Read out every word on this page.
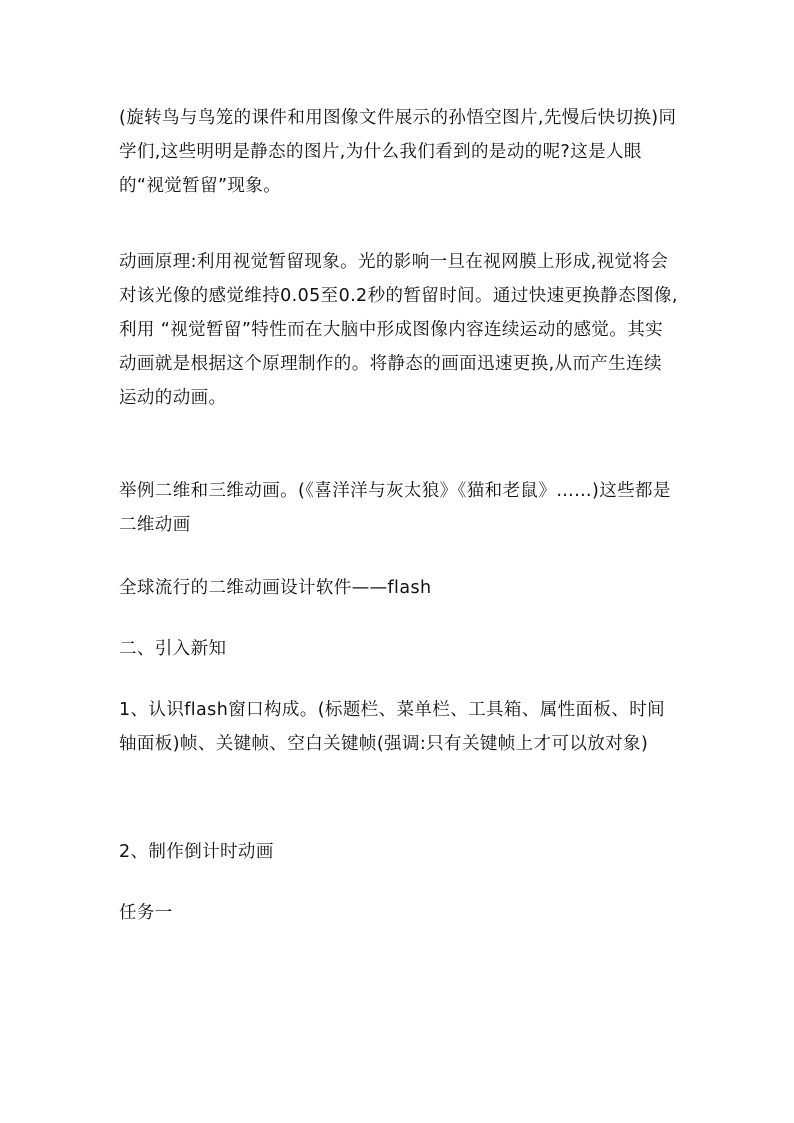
(旋转鸟与鸟笼的课件和用图像文件展示的孙悟空图片,先慢后快切换)同学们,这些明明是静态的图片,为什么我们看到的是动的呢?这是人眼的“视觉暂留”现象。

动画原理:利用视觉暂留现象。光的影响一旦在视网膜上形成,视觉将会对该光像的感觉维持0.05至0.2秒的暂留时间。通过快速更换静态图像,利用 “视觉暂留”特性而在大脑中形成图像内容连续运动的感觉。其实动画就是根据这个原理制作的。将静态的画面迅速更换,从而产生连续运动的动画。

举例二维和三维动画。(《喜洋洋与灰太狼》《猫和老鼠》……)这些都是二维动画

全球流行的二维动画设计软件——flash

二、引入新知

1、认识flash窗口构成。(标题栏、菜单栏、工具箱、属性面板、时间轴面板)帧、关键帧、空白关键帧(强调:只有关键帧上才可以放对象)

2、制作倒计时动画

任务一
